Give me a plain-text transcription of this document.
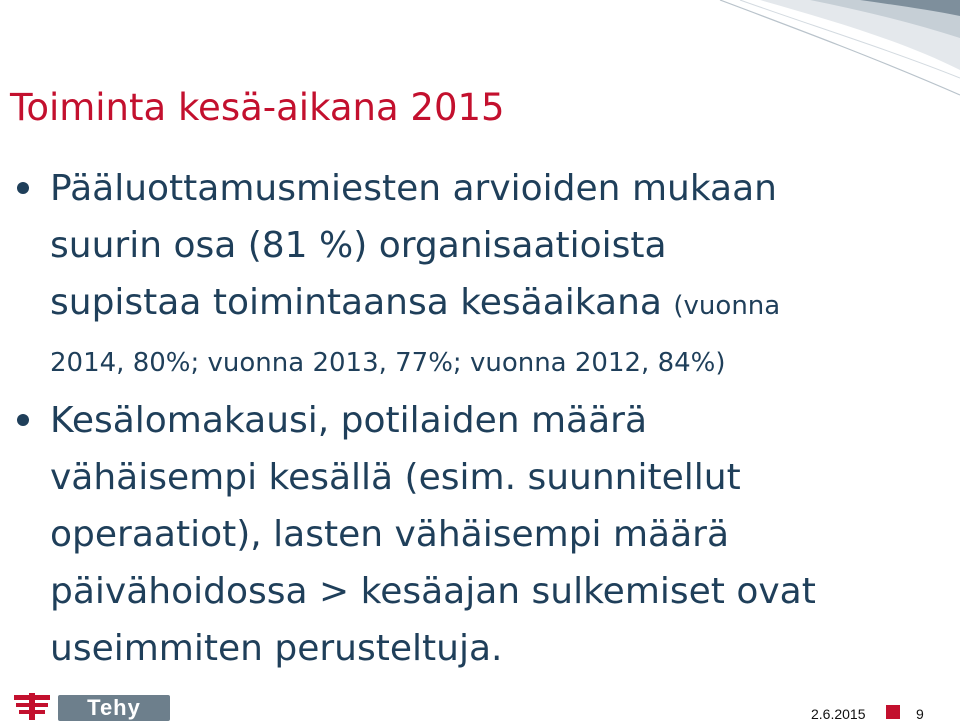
Toiminta kesä-aikana 2015
Pääluottamusmiesten arvioiden mukaan
suurin osa (81 %) organisaatioista
supistaa toimintaansa kesäaikana (vuonna
2014, 80%; vuonna 2013, 77%; vuonna 2012, 84%)
Kesälomakausi, potilaiden määrä
vähäisempi kesällä (esim. suunnitellut
operaatiot), lasten vähäisempi määrä
päivähoidossa > kesäajan sulkemiset ovat
useimmiten perusteltuja.
Tehy	2.6.2015	9
